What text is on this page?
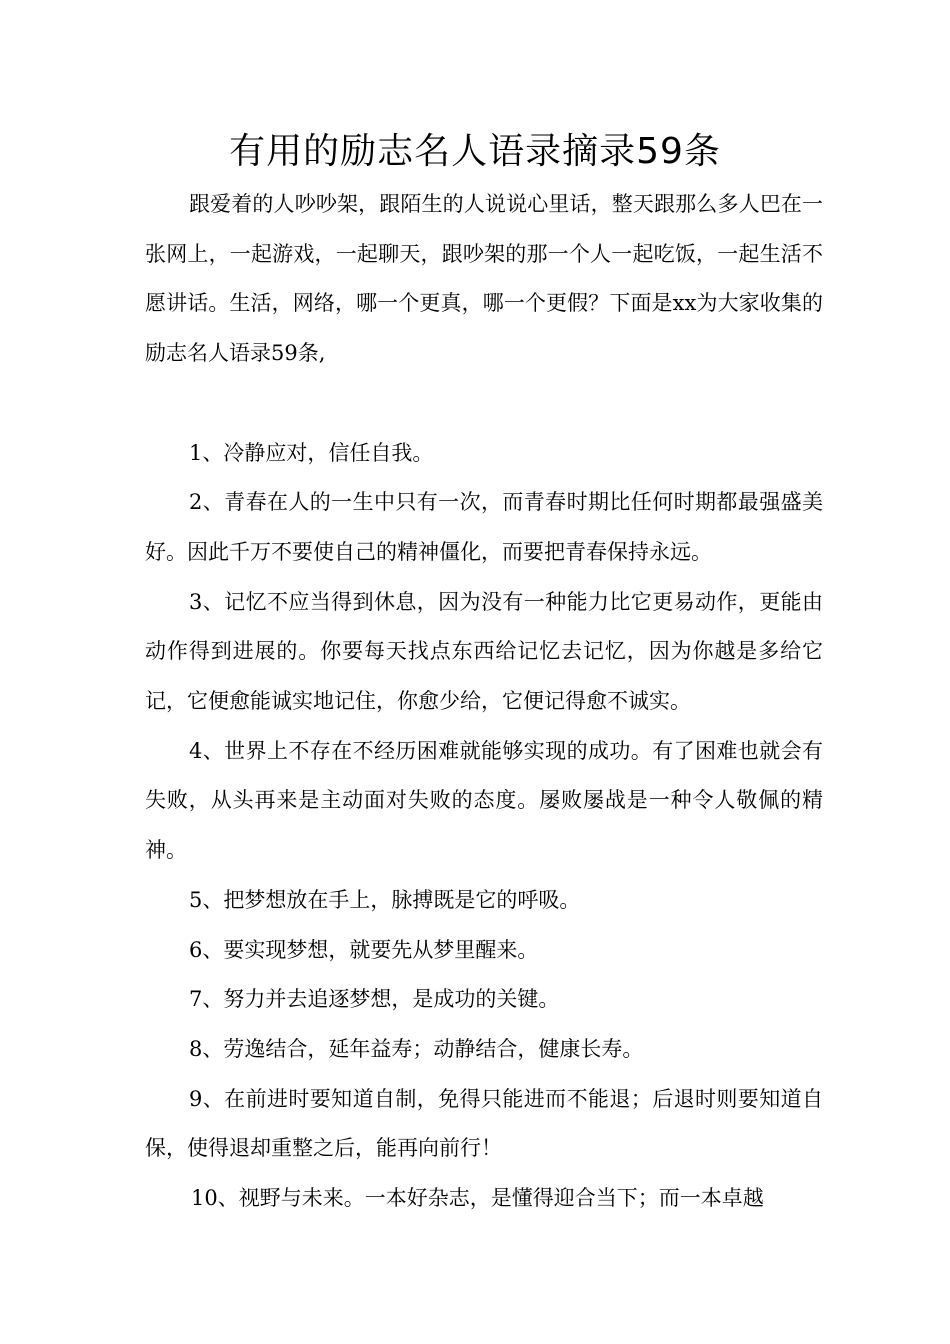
有用的励志名人语录摘录59条

跟爱着的人吵吵架，跟陌生的人说说心里话，整天跟那么多人巴在一张网上，一起游戏，一起聊天，跟吵架的那一个人一起吃饭，一起生活不愿讲话。生活，网络，哪一个更真，哪一个更假？下面是xx为大家收集的励志名人语录59条,

1、冷静应对，信任自我。

2、青春在人的一生中只有一次，而青春时期比任何时期都最强盛美好。因此千万不要使自己的精神僵化，而要把青春保持永远。

3、记忆不应当得到休息，因为没有一种能力比它更易动作，更能由动作得到进展的。你要每天找点东西给记忆去记忆，因为你越是多给它记，它便愈能诚实地记住，你愈少给，它便记得愈不诚实。

4、世界上不存在不经历困难就能够实现的成功。有了困难也就会有失败，从头再来是主动面对失败的态度。屡败屡战是一种令人敬佩的精神。

5、把梦想放在手上，脉搏既是它的呼吸。

6、要实现梦想，就要先从梦里醒来。

7、努力并去追逐梦想，是成功的关键。

8、劳逸结合，延年益寿；动静结合，健康长寿。

9、在前进时要知道自制，免得只能进而不能退；后退时则要知道自保，使得退却重整之后，能再向前行！

10、视野与未来。一本好杂志，是懂得迎合当下；而一本卓越
